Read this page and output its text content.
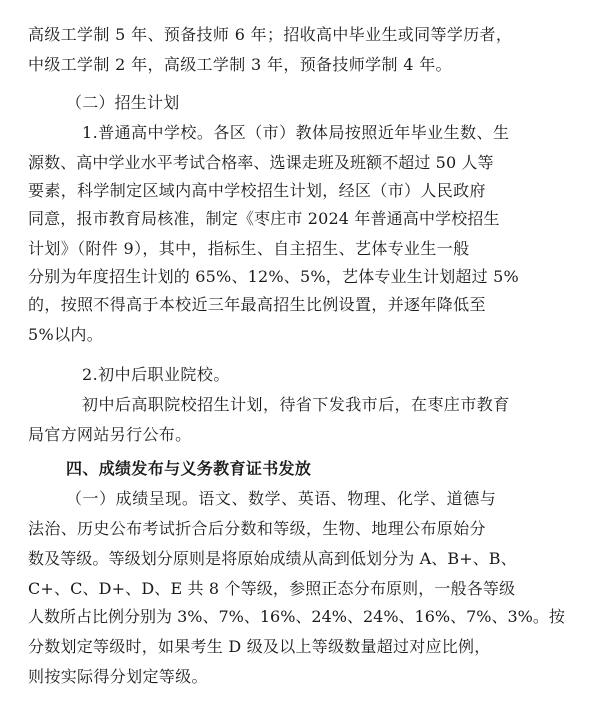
高级工学制 5 年、预备技师 6 年；招收高中毕业生或同等学历者，
中级工学制 2 年，高级工学制 3 年，预备技师学制 4 年。
（二）招生计划
1.普通高中学校。各区（市）教体局按照近年毕业生数、生
源数、高中学业水平考试合格率、选课走班及班额不超过 50 人等
要素，科学制定区域内高中学校招生计划，经区（市）人民政府
同意，报市教育局核准，制定《枣庄市 2024 年普通高中学校招生
计划》（附件 9），其中，指标生、自主招生、艺体专业生一般
分别为年度招生计划的 65%、12%、5%，艺体专业生计划超过 5%
的，按照不得高于本校近三年最高招生比例设置，并逐年降低至
5%以内。
2.初中后职业院校。
初中后高职院校招生计划，待省下发我市后，在枣庄市教育
局官方网站另行公布。
四、成绩发布与义务教育证书发放
（一）成绩呈现。语文、数学、英语、物理、化学、道德与
法治、历史公布考试折合后分数和等级，生物、地理公布原始分
数及等级。等级划分原则是将原始成绩从高到低划分为 A、B+、B、
C+、C、D+、D、E 共 8 个等级，参照正态分布原则，一般各等级
人数所占比例分别为 3%、7%、16%、24%、24%、16%、7%、3%。按
分数划定等级时，如果考生 D 级及以上等级数量超过对应比例，
则按实际得分划定等级。
